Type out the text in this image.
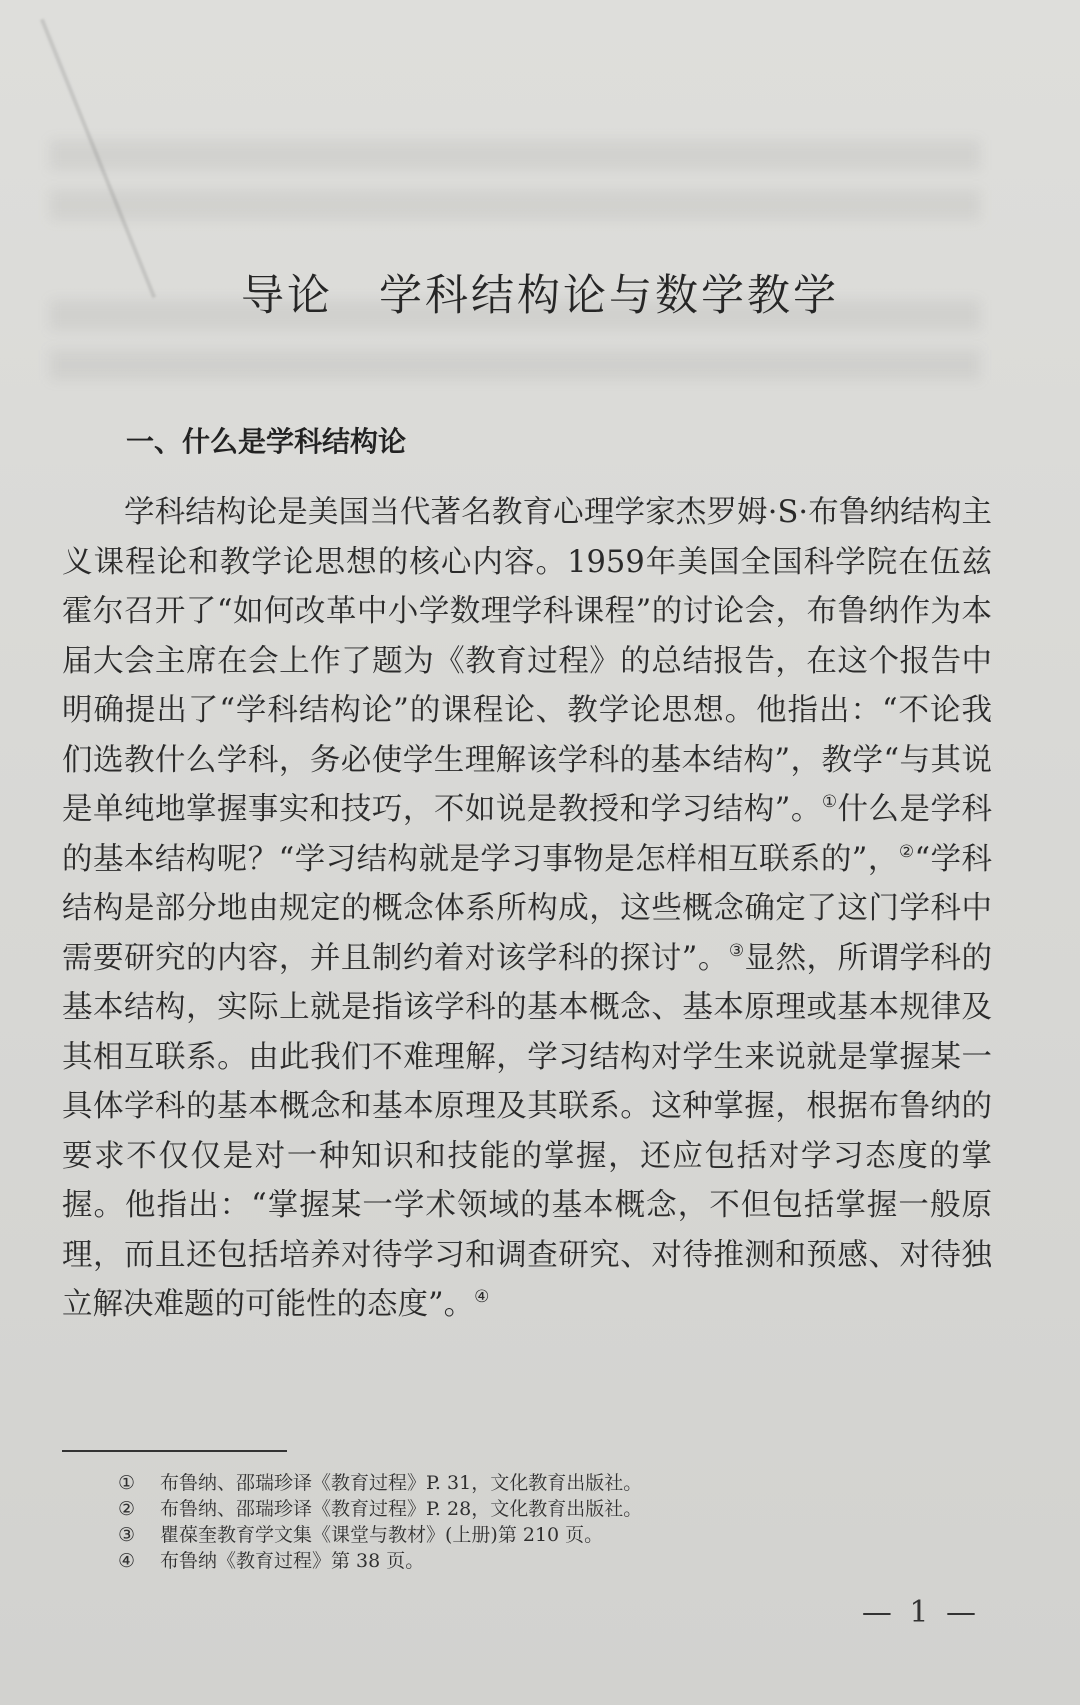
导论　学科结构论与数学教学
一、什么是学科结构论

学科结构论是美国当代著名教育心理学家杰罗姆·S·布鲁纳结构主义课程论和教学论思想的核心内容。1959年美国全国科学院在伍兹霍尔召开了“如何改革中小学数理学科课程”的讨论会，布鲁纳作为本届大会主席在会上作了题为《教育过程》的总结报告，在这个报告中明确提出了“学科结构论”的课程论、教学论思想。他指出：“不论我们选教什么学科，务必使学生理解该学科的基本结构”，教学“与其说是单纯地掌握事实和技巧，不如说是教授和学习结构”。①什么是学科的基本结构呢？“学习结构就是学习事物是怎样相互联系的”，②“学科结构是部分地由规定的概念体系所构成，这些概念确定了这门学科中需要研究的内容，并且制约着对该学科的探讨”。③显然，所谓学科的基本结构，实际上就是指该学科的基本概念、基本原理或基本规律及其相互联系。由此我们不难理解，学习结构对学生来说就是掌握某一具体学科的基本概念和基本原理及其联系。这种掌握，根据布鲁纳的要求不仅仅是对一种知识和技能的掌握，还应包括对学习态度的掌握。他指出：“掌握某一学术领域的基本概念，不但包括掌握一般原理，而且还包括培养对待学习和调查研究、对待推测和预感、对待独立解决难题的可能性的态度”。④

① 布鲁纳、邵瑞珍译《教育过程》P. 31，文化教育出版社。
② 布鲁纳、邵瑞珍译《教育过程》P. 28，文化教育出版社。
③ 瞿葆奎教育学文集《课堂与教材》(上册)第 210 页。
④ 布鲁纳《教育过程》第 38 页。
— 1 —
